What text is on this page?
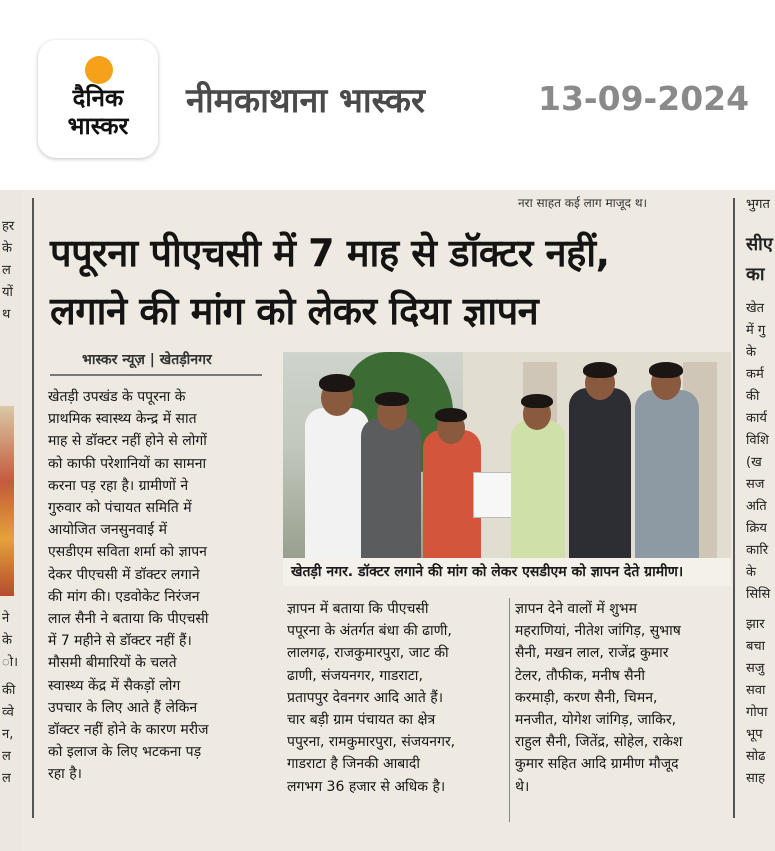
दैनिक
भास्कर
नीमकाथाना भास्कर	13-09-2024
हर
के
ल
यों
थ
ने
के
ो।
की
व्वे
न,
ल
ल
नरा साहत कई लाग माजूद थ।
पपूरना पीएचसी में 7 माह से डॉक्टर नहीं,
लगाने की मांग को लेकर दिया ज्ञापन
भास्कर न्यूज़ | खेतड़ीनगर
खेतड़ी उपखंड के पपूरना के
प्राथमिक स्वास्थ्य केन्द्र में सात
माह से डॉक्टर नहीं होने से लोगों
को काफी परेशानियों का सामना
करना पड़ रहा है। ग्रामीणों ने
गुरुवार को पंचायत समिति में
आयोजित जनसुनवाई में
एसडीएम सविता शर्मा को ज्ञापन
देकर पीएचसी में डॉक्टर लगाने
की मांग की। एडवोकेट निरंजन
लाल सैनी ने बताया कि पीएचसी
में 7 महीने से डॉक्टर नहीं हैं।
मौसमी बीमारियों के चलते
स्वास्थ्य केंद्र में सैकड़ों लोग
उपचार के लिए आते हैं लेकिन
डॉक्टर नहीं होने के कारण मरीज
को इलाज के लिए भटकना पड़
रहा है।
खेतड़ी नगर. डॉक्टर लगाने की मांग को लेकर एसडीएम को ज्ञापन देते ग्रामीण।
ज्ञापन में बताया कि पीएचसी
पपूरना के अंतर्गत बंधा की ढाणी,
लालगढ़, राजकुमारपुरा, जाट की
ढाणी, संजयनगर, गाडराटा,
प्रतापपुर देवनगर आदि आते हैं।
चार बड़ी ग्राम पंचायत का क्षेत्र
पपुरना, रामकुमारपुरा, संजयनगर,
गाडराटा है जिनकी आबादी
लगभग 36 हजार से अधिक है।
ज्ञापन देने वालों में शुभम
महराणियां, नीतेश जांगिड़, सुभाष
सैनी, मखन लाल, राजेंद्र कुमार
टेलर, तौफीक, मनीष सैनी
करमाड़ी, करण सैनी, चिमन,
मनजीत, योगेश जांगिड़, जाकिर,
राहुल सैनी, जितेंद्र, सोहेल, राकेश
कुमार सहित आदि ग्रामीण मौजूद
थे।
भुगत
सीए
का
खेत
में गु
के
कर्म
की
कार्य
विशि
(ख
सज
अति
क्रिय
कारि
के
सिसि
झार
बचा
सजु
सवा
गोपा
भूप
सोढ
साह
